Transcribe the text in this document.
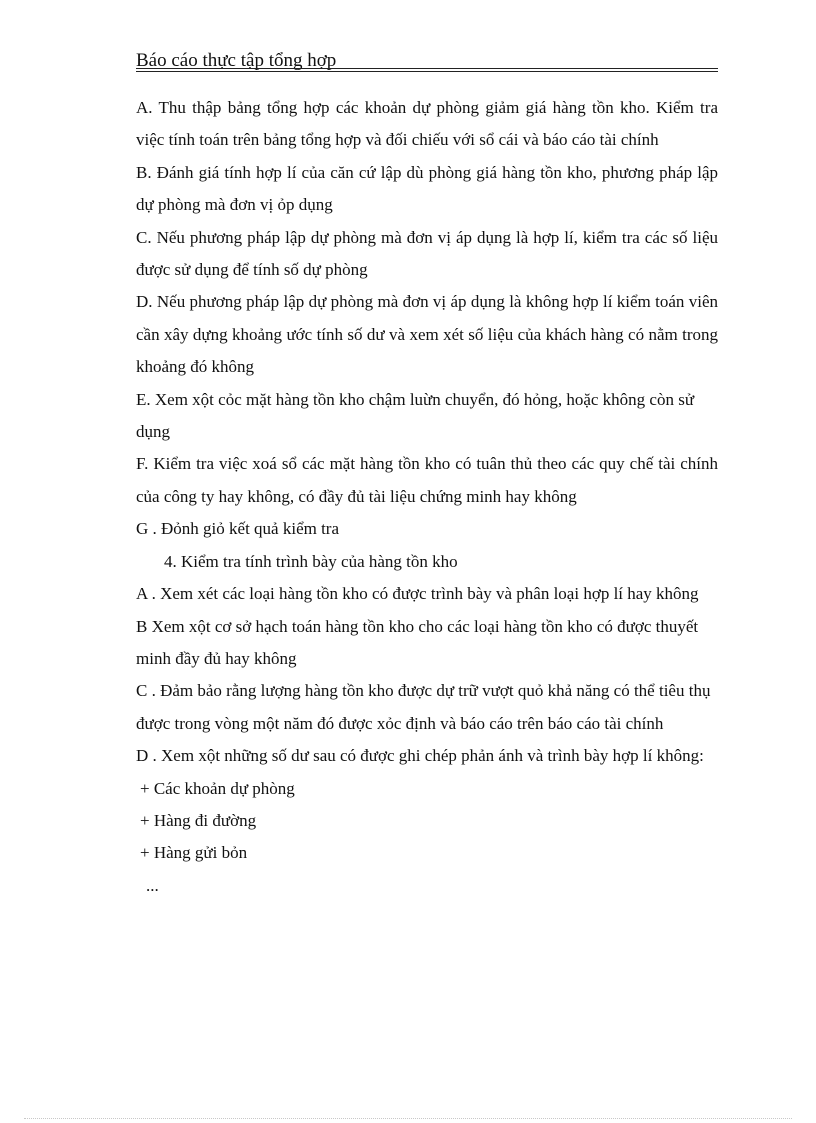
Báo cáo thực tập tổng hợp

A. Thu thập bảng tổng hợp các khoản dự phòng giảm giá hàng tồn kho. Kiểm tra việc tính toán trên bảng tổng hợp và đối chiếu với sổ cái và báo cáo tài chính

B. Đánh giá tính hợp lí của căn cứ lập dù phòng giá hàng tồn kho, phương pháp lập dự phòng mà đơn vị ỏp dụng

C. Nếu phương pháp lập dự phòng mà đơn vị áp dụng là hợp lí, kiểm tra các số liệu được sử dụng để tính số dự phòng

D. Nếu phương pháp lập dự phòng mà đơn vị áp dụng là không hợp lí kiểm toán viên cần xây dựng khoảng ước tính số dư và xem xét số liệu của khách hàng có nằm trong khoảng đó không

E. Xem xột cỏc mặt hàng tồn kho chậm luừn chuyển, đó hỏng, hoặc không còn sử dụng

F. Kiểm tra việc xoá sổ các mặt hàng tồn kho có tuân thủ theo các quy chế tài chính của công ty hay không, có đầy đủ tài liệu chứng minh hay không

G . Đỏnh giỏ kết quả kiểm tra

4. Kiểm tra tính trình bày của hàng tồn kho

A . Xem xét các loại hàng tồn kho có được trình bày và phân loại hợp lí hay không

B Xem xột cơ sở hạch toán hàng tồn kho cho các loại hàng tồn kho có được thuyết minh đầy đủ hay không

C . Đảm bảo rằng lượng hàng tồn kho được dự trữ vượt quỏ khả năng có thể tiêu thụ được trong vòng một năm đó được xỏc định và báo cáo trên báo cáo tài chính

D . Xem xột những số dư sau có được ghi chép phản ánh và trình bày hợp lí không:

+ Các khoản dự phòng

+ Hàng đi đường

+ Hàng gửi bỏn

...
